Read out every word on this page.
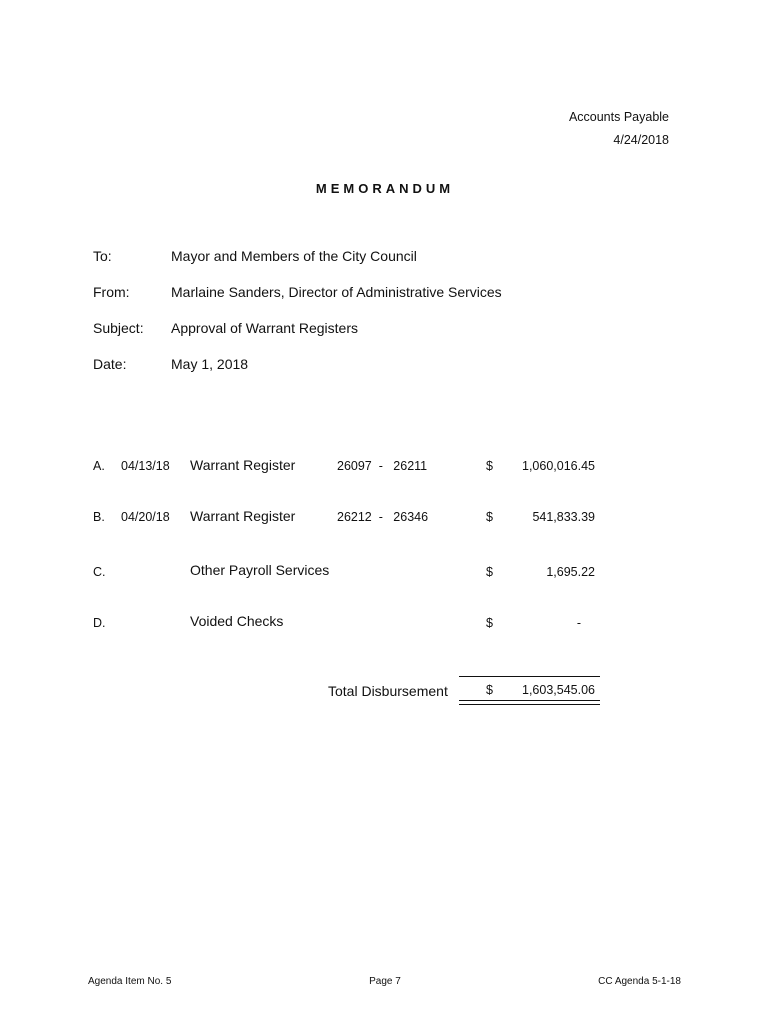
Accounts Payable
4/24/2018
MEMORANDUM
To:	Mayor and Members of the City Council
From:	Marlaine Sanders, Director of Administrative Services
Subject: Approval of Warrant Registers
Date:	May 1, 2018
A. 04/13/18 Warrant Register	26097  -   26211	$ 1,060,016.45
B. 04/20/18 Warrant Register	26212  -   26346	$	541,833.39
C.	Other Payroll Services	$	1,695.22
D.	Voided Checks	$	-
Total Disbursement	$ 1,603,545.06
Agenda Item No. 5	Page 7	CC Agenda 5-1-18
